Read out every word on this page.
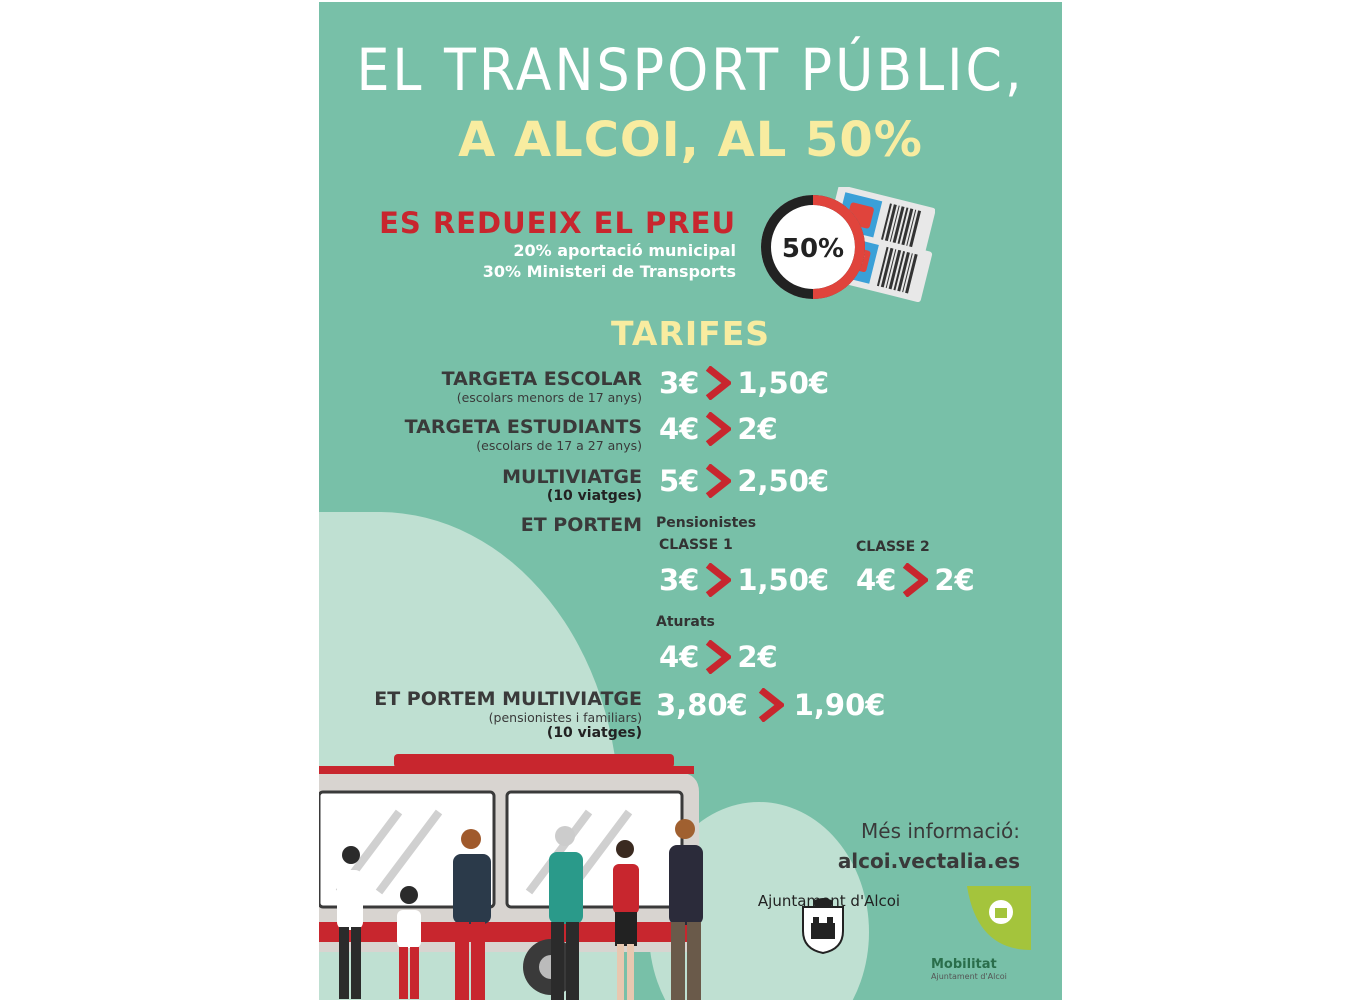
EL TRANSPORT PÚBLIC,
A ALCOI, AL 50%
ES REDUEIX EL PREU
20% aportació municipal
30% Ministeri de Transports
50%
TARIFES
TARGETA ESCOLAR
(escolars menors de 17 anys) 3€ 1,50€
TARGETA ESTUDIANTS
(escolars de 17 a 27 anys) 4€ 2€
MULTIVIATGE
(10 viatges) 5€ 2,50€
ET PORTEM Pensionistes
CLASSE 1	CLASSE 2
3€ 1,50€ 4€ 2€
Aturats
4€ 2€
ET PORTEM MULTIVIATGE
(pensionistes i familiars)
(10 viatges)
3,80€ 1,90€
Més informació:
alcoi.vectalia.es
Ajuntament d'Alcoi
Mobilitat
Ajuntament d'Alcoi
